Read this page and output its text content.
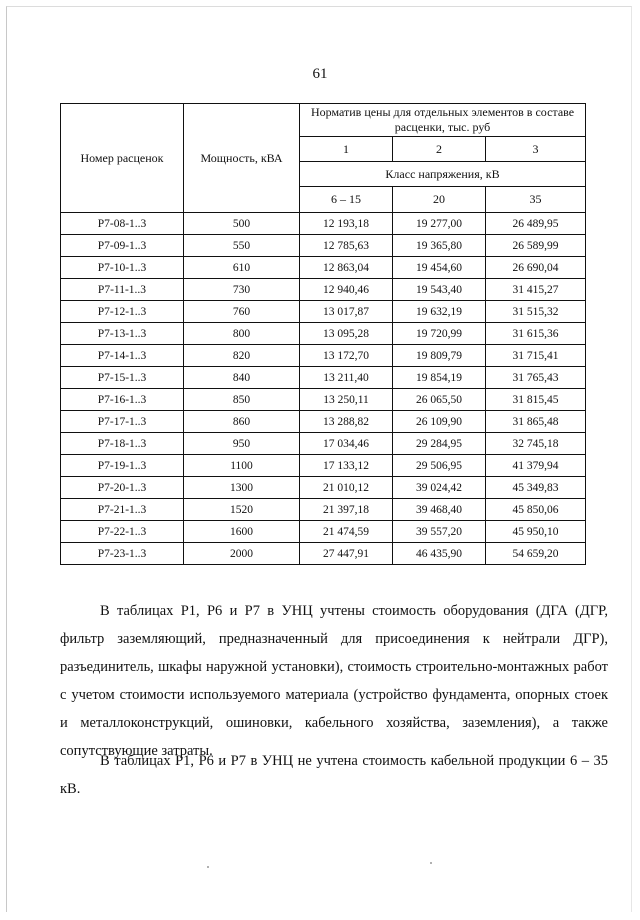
61
Номер расценок	Мощность, кВА	Норматив цены для отдельных элементов в составе расценки, тыс. руб		
		1	2	3
		Класс напряжения, кВ		
		6 – 15	20	35
Р7-08-1..3	500	12 193,18	19 277,00	26 489,95
Р7-09-1..3	550	12 785,63	19 365,80	26 589,99
Р7-10-1..3	610	12 863,04	19 454,60	26 690,04
Р7-11-1..3	730	12 940,46	19 543,40	31 415,27
Р7-12-1..3	760	13 017,87	19 632,19	31 515,32
Р7-13-1..3	800	13 095,28	19 720,99	31 615,36
Р7-14-1..3	820	13 172,70	19 809,79	31 715,41
Р7-15-1..3	840	13 211,40	19 854,19	31 765,43
Р7-16-1..3	850	13 250,11	26 065,50	31 815,45
Р7-17-1..3	860	13 288,82	26 109,90	31 865,48
Р7-18-1..3	950	17 034,46	29 284,95	32 745,18
Р7-19-1..3	1100	17 133,12	29 506,95	41 379,94
Р7-20-1..3	1300	21 010,12	39 024,42	45 349,83
Р7-21-1..3	1520	21 397,18	39 468,40	45 850,06
Р7-22-1..3	1600	21 474,59	39 557,20	45 950,10
Р7-23-1..3	2000	27 447,91	46 435,90	54 659,20
В таблицах Р1, Р6 и Р7 в УНЦ учтены стоимость оборудования (ДГА (ДГР, фильтр заземляющий, предназначенный для присоединения к нейтрали ДГР), разъединитель, шкафы наружной установки), стоимость строительно-монтажных работ с учетом стоимости используемого материала (устройство фундамента, опорных стоек и металлоконструкций, ошиновки, кабельного хозяйства, заземления), а также сопутствующие затраты.
В таблицах Р1, Р6 и Р7 в УНЦ не учтена стоимость кабельной продукции 6 – 35 кВ.
